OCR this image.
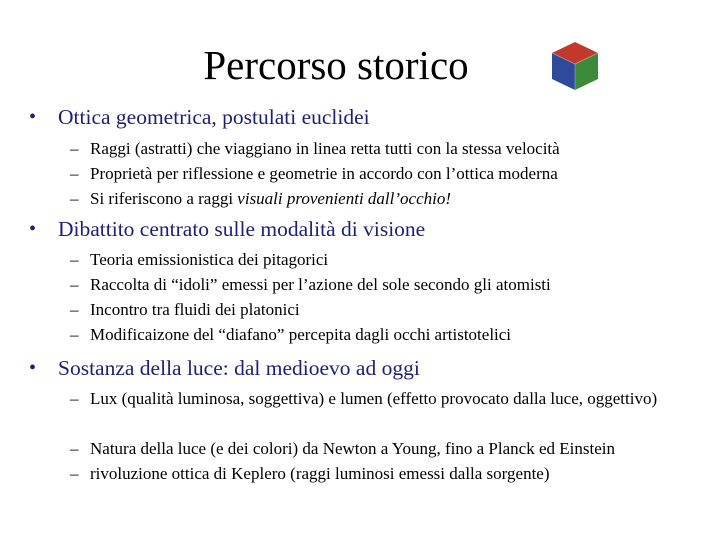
Percorso storico
• Ottica geometrica, postulati euclidei
– Raggi (astratti) che viaggiano in linea retta tutti con la stessa velocità
– Proprietà per riflessione e geometrie in accordo con l’ottica moderna
– Si riferiscono a raggi visuali provenienti dall’occhio!
• Dibattito centrato sulle modalità di visione
– Teoria emissionistica dei pitagorici
– Raccolta di “idoli” emessi per l’azione del sole secondo gli atomisti
– Incontro tra fluidi dei platonici
– Modificaizone del “diafano” percepita dagli occhi artistotelici
• Sostanza della luce: dal medioevo ad oggi
– Lux (qualità luminosa, soggettiva) e lumen (effetto provocato dalla luce, oggettivo)
– Natura della luce (e dei colori) da Newton a Young, fino a Planck ed Einstein
– rivoluzione ottica di Keplero (raggi luminosi emessi dalla sorgente)
